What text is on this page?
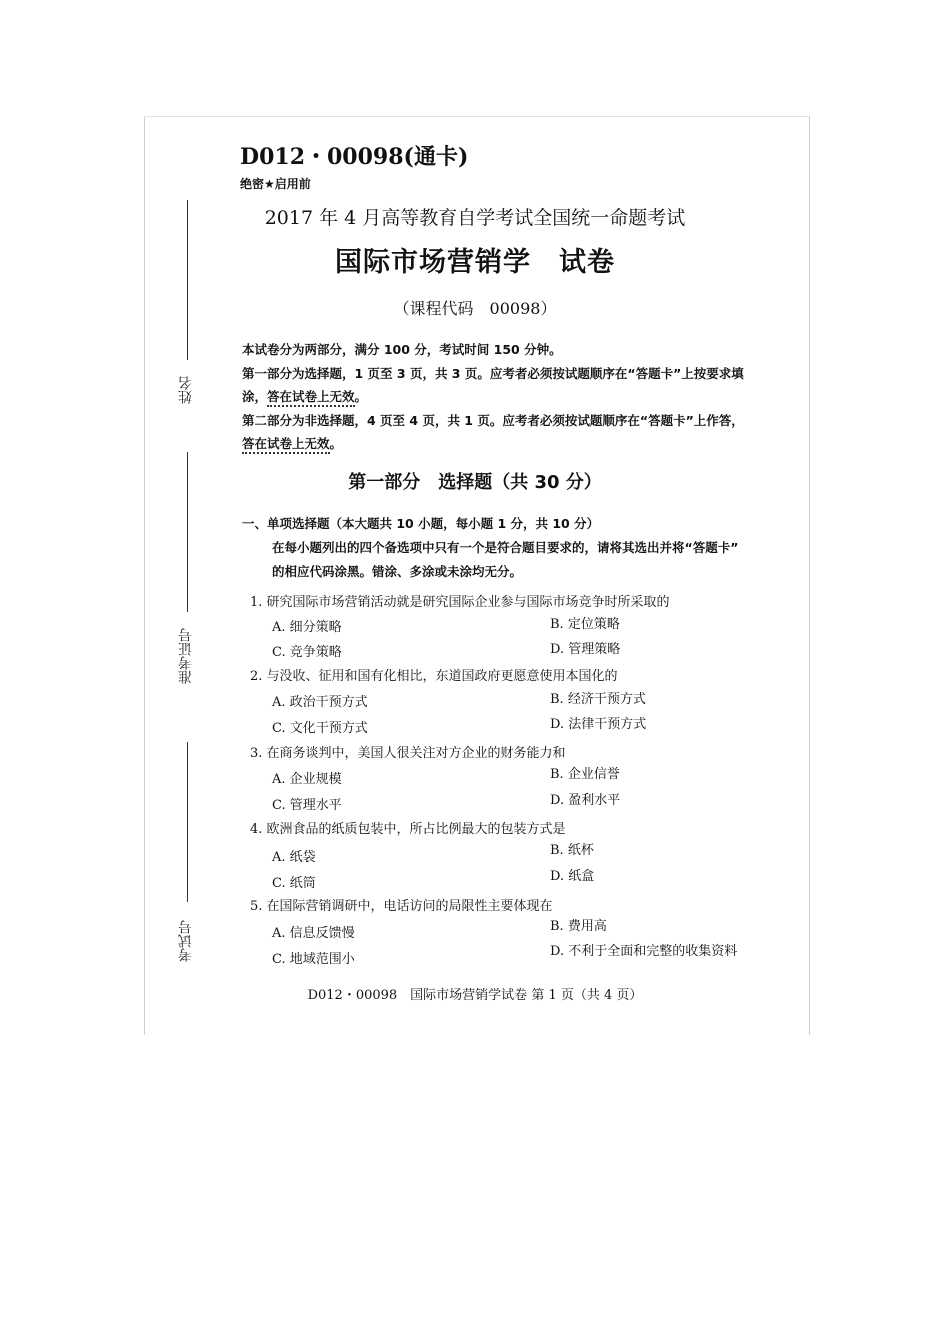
姓名
准考证号
考试号
D012・00098(通卡)
绝密★启用前
2017 年 4 月高等教育自学考试全国统一命题考试
国际市场营销学　试卷
（课程代码　00098）
本试卷分为两部分，满分 100 分，考试时间 150 分钟。
第一部分为选择题，1 页至 3 页，共 3 页。应考者必须按试题顺序在“答题卡”上按要求填
涂，答在试卷上无效。
第二部分为非选择题，4 页至 4 页，共 1 页。应考者必须按试题顺序在“答题卡”上作答，
答在试卷上无效。
第一部分　选择题（共 30 分）
一、单项选择题（本大题共 10 小题，每小题 1 分，共 10 分）
在每小题列出的四个备选项中只有一个是符合题目要求的，请将其选出并将“答题卡”
的相应代码涂黑。错涂、多涂或未涂均无分。
1. 研究国际市场营销活动就是研究国际企业参与国际市场竞争时所采取的
A. 细分策略	B. 定位策略
C. 竞争策略	D. 管理策略
2. 与没收、征用和国有化相比，东道国政府更愿意使用本国化的
A. 政治干预方式	B. 经济干预方式
C. 文化干预方式	D. 法律干预方式
3. 在商务谈判中，美国人很关注对方企业的财务能力和
A. 企业规模	B. 企业信誉
C. 管理水平	D. 盈利水平
4. 欧洲食品的纸质包装中，所占比例最大的包装方式是
A. 纸袋	B. 纸杯
C. 纸筒	D. 纸盒
5. 在国际营销调研中，电话访问的局限性主要体现在
A. 信息反馈慢	B. 费用高
C. 地域范围小
D. 不利于全面和完整的收集资料
D012・00098　国际市场营销学试卷 第 1 页（共 4 页）
